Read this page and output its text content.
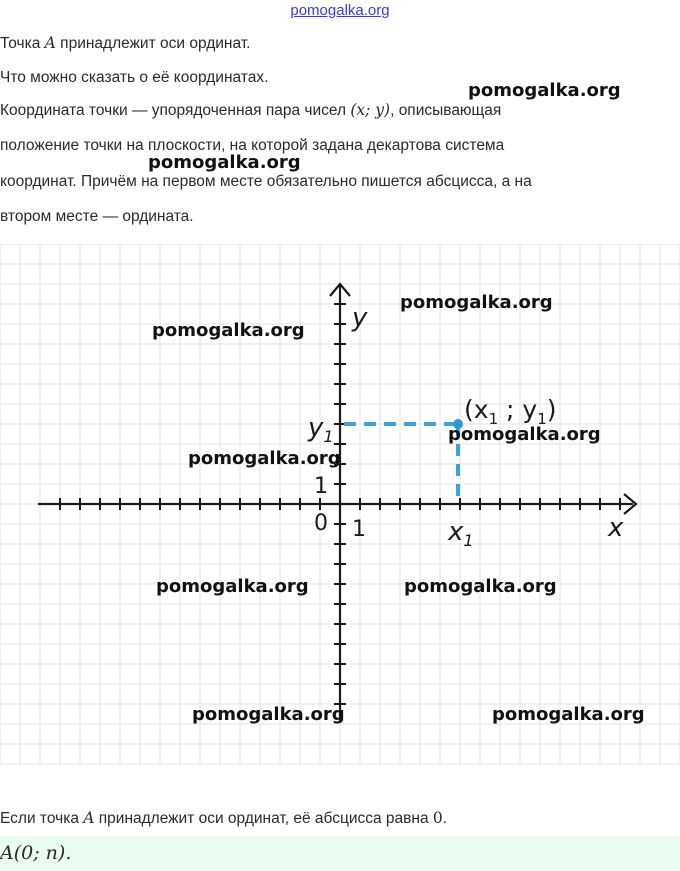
pomogalka.org
Точка A принадлежит оси ординат.
Что можно сказать о её координатах.
Координата точки — упорядоченная пара чисел (x; y), описывающая
положение точки на плоскости, на которой задана декартова система
координат. Причём на первом месте обязательно пишется абсцисса, а на
втором месте — ордината.
y
x
0 1
1
$y_1$
$x_1$
($x_1$ ; $y_1$)
Если точка A принадлежит оси ординат, её абсцисса равна 0.
A(0; n).
pomogalka.org
pomogalka.org
pomogalka.org
pomogalka.org
pomogalka.org
pomogalka.org
pomogalka.org	pomogalka.org
pomogalka.org	pomogalka.org
